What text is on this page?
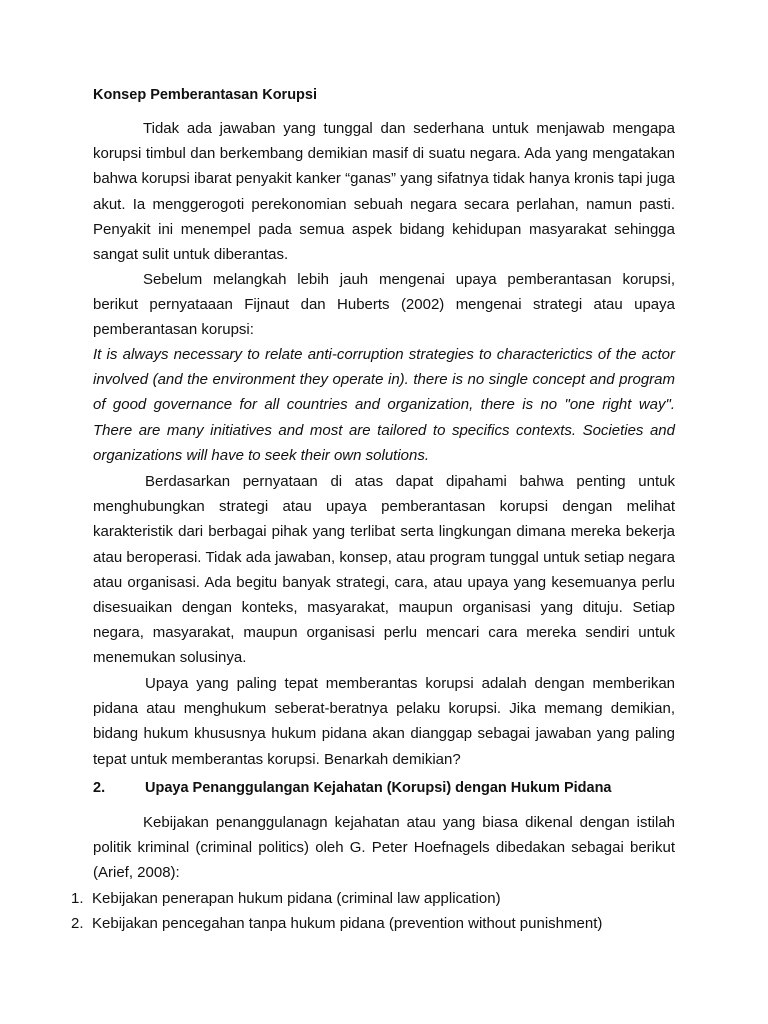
Konsep Pemberantasan Korupsi

Tidak ada jawaban yang tunggal dan sederhana untuk menjawab mengapa korupsi timbul dan berkembang demikian masif di suatu negara. Ada yang mengatakan bahwa korupsi ibarat penyakit kanker “ganas” yang sifatnya tidak hanya kronis tapi juga akut. Ia menggerogoti perekonomian sebuah negara secara perlahan, namun pasti. Penyakit ini menempel pada semua aspek bidang kehidupan masyarakat sehingga sangat sulit untuk diberantas.

Sebelum melangkah lebih jauh mengenai upaya pemberantasan korupsi, berikut pernyataaan Fijnaut dan Huberts (2002) mengenai strategi atau upaya pemberantasan korupsi:

It is always necessary to relate anti-corruption strategies to characterictics of the actor involved (and the environment they operate in). there is no single concept and program of good governance for all countries and organization, there is no "one right way". There are many initiatives and most are tailored to specifics contexts. Societies and organizations will have to seek their own solutions.

Berdasarkan pernyataan di atas dapat dipahami bahwa penting untuk menghubungkan strategi atau upaya pemberantasan korupsi dengan melihat karakteristik dari berbagai pihak yang terlibat serta lingkungan dimana mereka bekerja atau beroperasi. Tidak ada jawaban, konsep, atau program tunggal untuk setiap negara atau organisasi. Ada begitu banyak strategi, cara, atau upaya yang kesemuanya perlu disesuaikan dengan konteks, masyarakat, maupun organisasi yang dituju. Setiap negara, masyarakat, maupun organisasi perlu mencari cara mereka sendiri untuk menemukan solusinya.

Upaya yang paling tepat memberantas korupsi adalah dengan memberikan pidana atau menghukum seberat-beratnya pelaku korupsi. Jika memang demikian, bidang hukum khususnya hukum pidana akan dianggap sebagai jawaban yang paling tepat untuk memberantas korupsi. Benarkah demikian?

2.	Upaya Penanggulangan Kejahatan (Korupsi) dengan Hukum Pidana

Kebijakan penanggulanagn kejahatan atau yang biasa dikenal dengan istilah politik kriminal (criminal politics) oleh G. Peter Hoefnagels dibedakan sebagai berikut (Arief, 2008):

1. Kebijakan penerapan hukum pidana (criminal law application)

2. Kebijakan pencegahan tanpa hukum pidana (prevention without punishment)
